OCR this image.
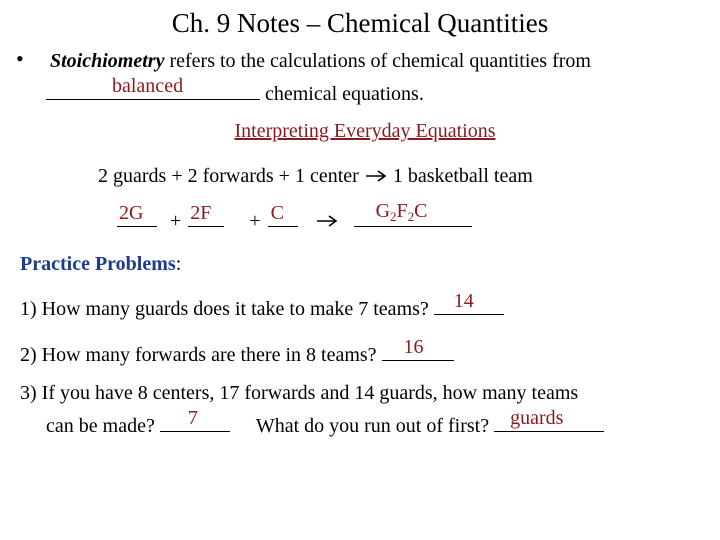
Ch. 9 Notes – Chemical Quantities
• Stoichiometry refers to the calculations of chemical quantities from
balanced	chemical equations.
Interpreting Everyday Equations
2 guards + 2 forwards + 1 center 1 basketball team
2G + 2F + C
	$G_2F_2C$
Practice Problems:
1) How many guards does it take to make 7 teams? 14
2) How many forwards are there in 8 teams? 16
3) If you have 8 centers, 17 forwards and 14 guards, how many teams
can be made? 7	What do you run out of first? guards
